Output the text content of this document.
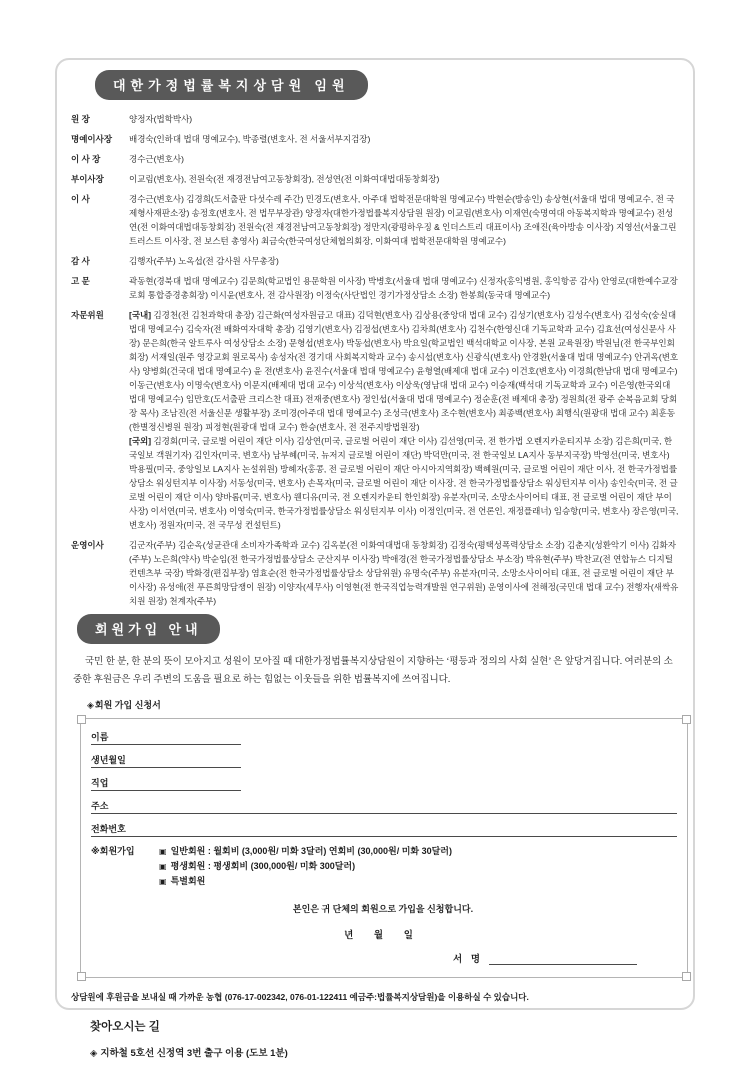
대한가정법률복지상담원 임원
원 장	양정자(법학박사)
명예이사장	배경숙(인하대 법대 명예교수), 박종렬(변호사, 전 서울서부지검장)
이 사 장	경수근(변호사)
부이사장	이교림(변호사), 전원숙(전 재경전남여고동창회장), 전성연(전 이화여대법대동창회장)
이 사	경수근(변호사) 김경희(도서출판 다섯수레 주간) 민경도(변호사, 아주대 법학전문대학원 명예교수) 박현순(방송인) 송상현(서울대 법대 명예교수, 전 국제형사재판소장) 송정호(변호사, 전 법무부장관) 양정자(대한가정법률복지상담원 원장) 이교림(변호사) 이재연(숙명여대 아동복지학과 명예교수) 전성연(전 이화여대법대동창회장) 전원숙(전 재경전남여고동창회장) 정만지(광평하우징 & 인더스트리 대표이사) 조애진(육아방송 이사장) 지영선(서울그린트러스트 이사장, 전 보스턴 총영사) 최금숙(한국여성단체협의회장, 이화여대 법학전문대학원 명예교수)
감 사	김행자(주부) 노옥섭(전 감사원 사무총장)
고 문	곽동현(경북대 법대 명예교수) 김문희(학교법인 용문학원 이사장) 박병호(서울대 법대 명예교수) 신정자(홍익병원, 홍익항공 감사) 안영로(대한예수교장로회 통합증경총회장) 이시윤(변호사, 전 감사원장) 이정숙(사단법인 경기가정상담소 소장) 한봉희(동국대 명예교수)
자문위원	[국내] 김경천(전 김천과학대 총장) 김근화(여성자원금고 대표) 김덕현(변호사) 김상용(중앙대 법대 교수) 김성기(변호사) 김성수(변호사) 김성숙(숭실대 법대 명예교수) 김숙자(전 배화여자대학 총장) 김영기(변호사) 김정섭(변호사) 김차희(변호사) 김천수(한영신대 기독교학과 교수) 김효선(여성신문사 사장) 문은희(한국 알트루사 여성상담소 소장) 문형섭(변호사) 박동섭(변호사) 박요일(학교법인 백석대학교 이사장, 본원 교육원장) 박원님(전 한국부인회 회장) 서재일(원주 영강교회 원로목사) 송성자(전 경기대 사회복지학과 교수) 송시섭(변호사) 신광식(변호사) 안경환(서울대 법대 명예교수) 안귀옥(변호사) 양병회(건국대 법대 명예교수) 윤 전(변호사) 윤진수(서울대 법대 명예교수) 윤형열(배제대 법대 교수) 이건호(변호사) 이경희(한남대 법대 명예교수) 이동근(변호사) 이명숙(변호사) 이문지(배제대 법대 교수) 이상석(변호사) 이상욱(영남대 법대 교수) 이승재(백석대 기독교학과 교수) 이은영(한국외대 법대 명예교수) 임만호(도서출판 크리스찬 대표) 전재중(변호사) 정인섭(서울대 법대 명예교수) 정순훈(전 배제대 총장) 정원희(전 광주 순복음교회 당회장 목사) 조남진(전 서울신문 생활부장) 조미경(아주대 법대 명예교수) 조성극(변호사) 조수현(변호사) 최종백(변호사) 최행식(원광대 법대 교수) 최훈동(한별정신병원 원장) 피정현(원광대 법대 교수) 한승(변호사, 전 전주지방법원장)
[국외] 김경회(미국, 글로벌 어린이 재단 이사) 김상연(미국, 글로벌 어린이 재단 이사) 김선영(미국, 전 한가법 오렌지카운티지부 소장) 김은희(미국, 한국일보 객원기자) 김인자(미국, 변호사) 남부혜(미국, 뉴저지 글로벌 어린이 재단) 박덕만(미국, 전 한국일보 LA지사 동부지국장) 박영선(미국, 변호사) 박용필(미국, 중앙일보 LA지사 논설위원) 방혜자(홍콩, 전 글로벌 어린이 재단 아시아지역회장) 백혜원(미국, 글로벌 어린이 재단 이사, 전 한국가정법률상담소 워싱턴지부 이사장) 서동성(미국, 변호사) 손목자(미국, 글로벌 어린이 재단 이사장, 전 한국가정법률상담소 워싱턴지부 이사) 송인숙(미국, 전 글로벌 어린이 재단 이사) 양바롬(미국, 변호사) 웬디유(미국, 전 오렌지카운티 한인회장) 유분자(미국, 소망소사이어티 대표, 전 글로벌 어린이 재단 부이사장) 이서연(미국, 변호사) 이영숙(미국, 한국가정법률상담소 워싱턴지부 이사) 이정인(미국, 전 언론인, 재정플래너) 임승항(미국, 변호사) 장은영(미국, 변호사) 정원자(미국, 전 국무성 컨설턴트)
운영이사	김군자(주부) 김순옥(성균관대 소비자가족학과 교수) 김옥분(전 이화여대법대 동창회장) 김정숙(평택성폭력상담소 소장) 김춘지(성환악기 이사) 김화자(주부) 노은희(약사) 박순임(전 한국가정법률상담소 군산지부 이사장) 박애경(전 한국가정법률상담소 부소장) 박유현(주부) 박찬교(전 연합뉴스 디지털컨텐츠부 국장) 박화경(편집부장) 염효순(전 한국가정법률상담소 상담위원) 유명숙(주부) 유분자(미국, 소망소사이어티 대표, 전 글로벌 어린이 재단 부이사장) 유성애(전 푸른희망담쟁이 원장) 이양자(세무사) 이영현(전 한국직업능력개발원 연구위원) 운영이사에 전해정(국민대 법대 교수) 전행자(새싹유치원 원장) 천계자(주부)
회원가입 안내

국민 한 분, 한 분의 뜻이 모아지고 성원이 모아질 때 대한가정법률복지상담원이 지향하는 ‘평등과 정의의 사회 실현’ 은 앞당겨집니다. 여러분의 소중한 후원금은 우리 주변의 도움을 필요로 하는 힘없는 이웃들을 위한 법률복지에 쓰여집니다.

◈회원 가입 신청서
이름
생년월일
직업
주소
전화번호
※회원가입	▣ 일반회원 : 월회비 (3,000원/ 미화 3달러) 연회비 (30,000원/ 미화 30달러)
▣ 평생회원 : 평생회비 (300,000원/ 미화 300달러)
▣ 특별회원
본인은 귀 단체의 회원으로 가입을 신청합니다.
년 월 일
서 명

상담원에 후원금을 보내실 때 가까운 농협 (076-17-002342, 076-01-122411 예금주:법률복지상담원)을 이용하실 수 있습니다.

찾아오시는 길
◈ 지하철 5호선 신정역 3번 출구 이용 (도보 1분)
